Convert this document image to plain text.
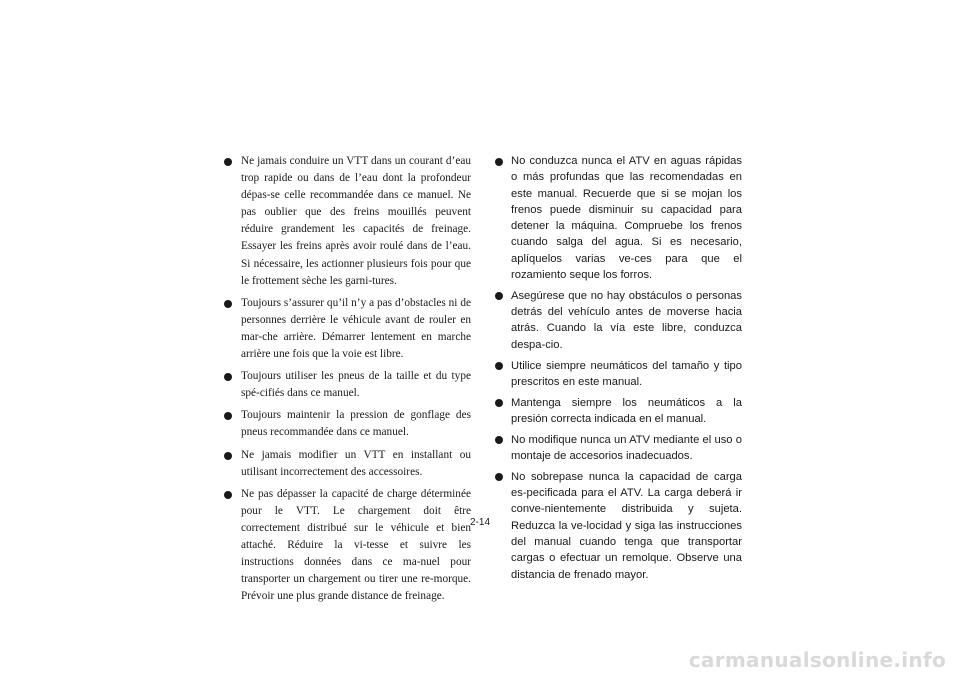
Ne jamais conduire un VTT dans un courant d’eau trop rapide ou dans de l’eau dont la profondeur dépas-se celle recommandée dans ce manuel. Ne pas oublier que des freins mouillés peuvent réduire grandement les capacités de freinage. Essayer les freins après avoir roulé dans de l’eau. Si nécessaire, les actionner plusieurs fois pour que le frottement sèche les garni-tures.
Toujours s’assurer qu’il n’y a pas d’obstacles ni de personnes derrière le véhicule avant de rouler en mar-che arrière. Démarrer lentement en marche arrière une fois que la voie est libre.
Toujours utiliser les pneus de la taille et du type spé-cifiés dans ce manuel.
Toujours maintenir la pression de gonflage des pneus recommandée dans ce manuel.
Ne jamais modifier un VTT en installant ou utilisant incorrectement des accessoires.
Ne pas dépasser la capacité de charge déterminée pour le VTT. Le chargement doit être correctement distribué sur le véhicule et bien attaché. Réduire la vi-tesse et suivre les instructions données dans ce ma-nuel pour transporter un chargement ou tirer une re-morque. Prévoir une plus grande distance de freinage.
No conduzca nunca el ATV en aguas rápidas o más profundas que las recomendadas en este manual. Recuerde que si se mojan los frenos puede disminuir su capacidad para detener la máquina. Compruebe los frenos cuando salga del agua. Si es necesario, aplíquelos varias ve-ces para que el rozamiento seque los forros.
Asegúrese que no hay obstáculos o personas detrás del vehículo antes de moverse hacia atrás. Cuando la vía este libre, conduzca despa-cio.
Utilice siempre neumáticos del tamaño y tipo prescritos en este manual.
Mantenga siempre los neumáticos a la presión correcta indicada en el manual.
No modifique nunca un ATV mediante el uso o montaje de accesorios inadecuados.
No sobrepase nunca la capacidad de carga es-pecificada para el ATV. La carga deberá ir conve-nientemente distribuida y sujeta. Reduzca la ve-locidad y siga las instrucciones del manual cuando tenga que transportar cargas o efectuar un remolque. Observe una distancia de frenado mayor.
2-14
carmanualsonline.info
